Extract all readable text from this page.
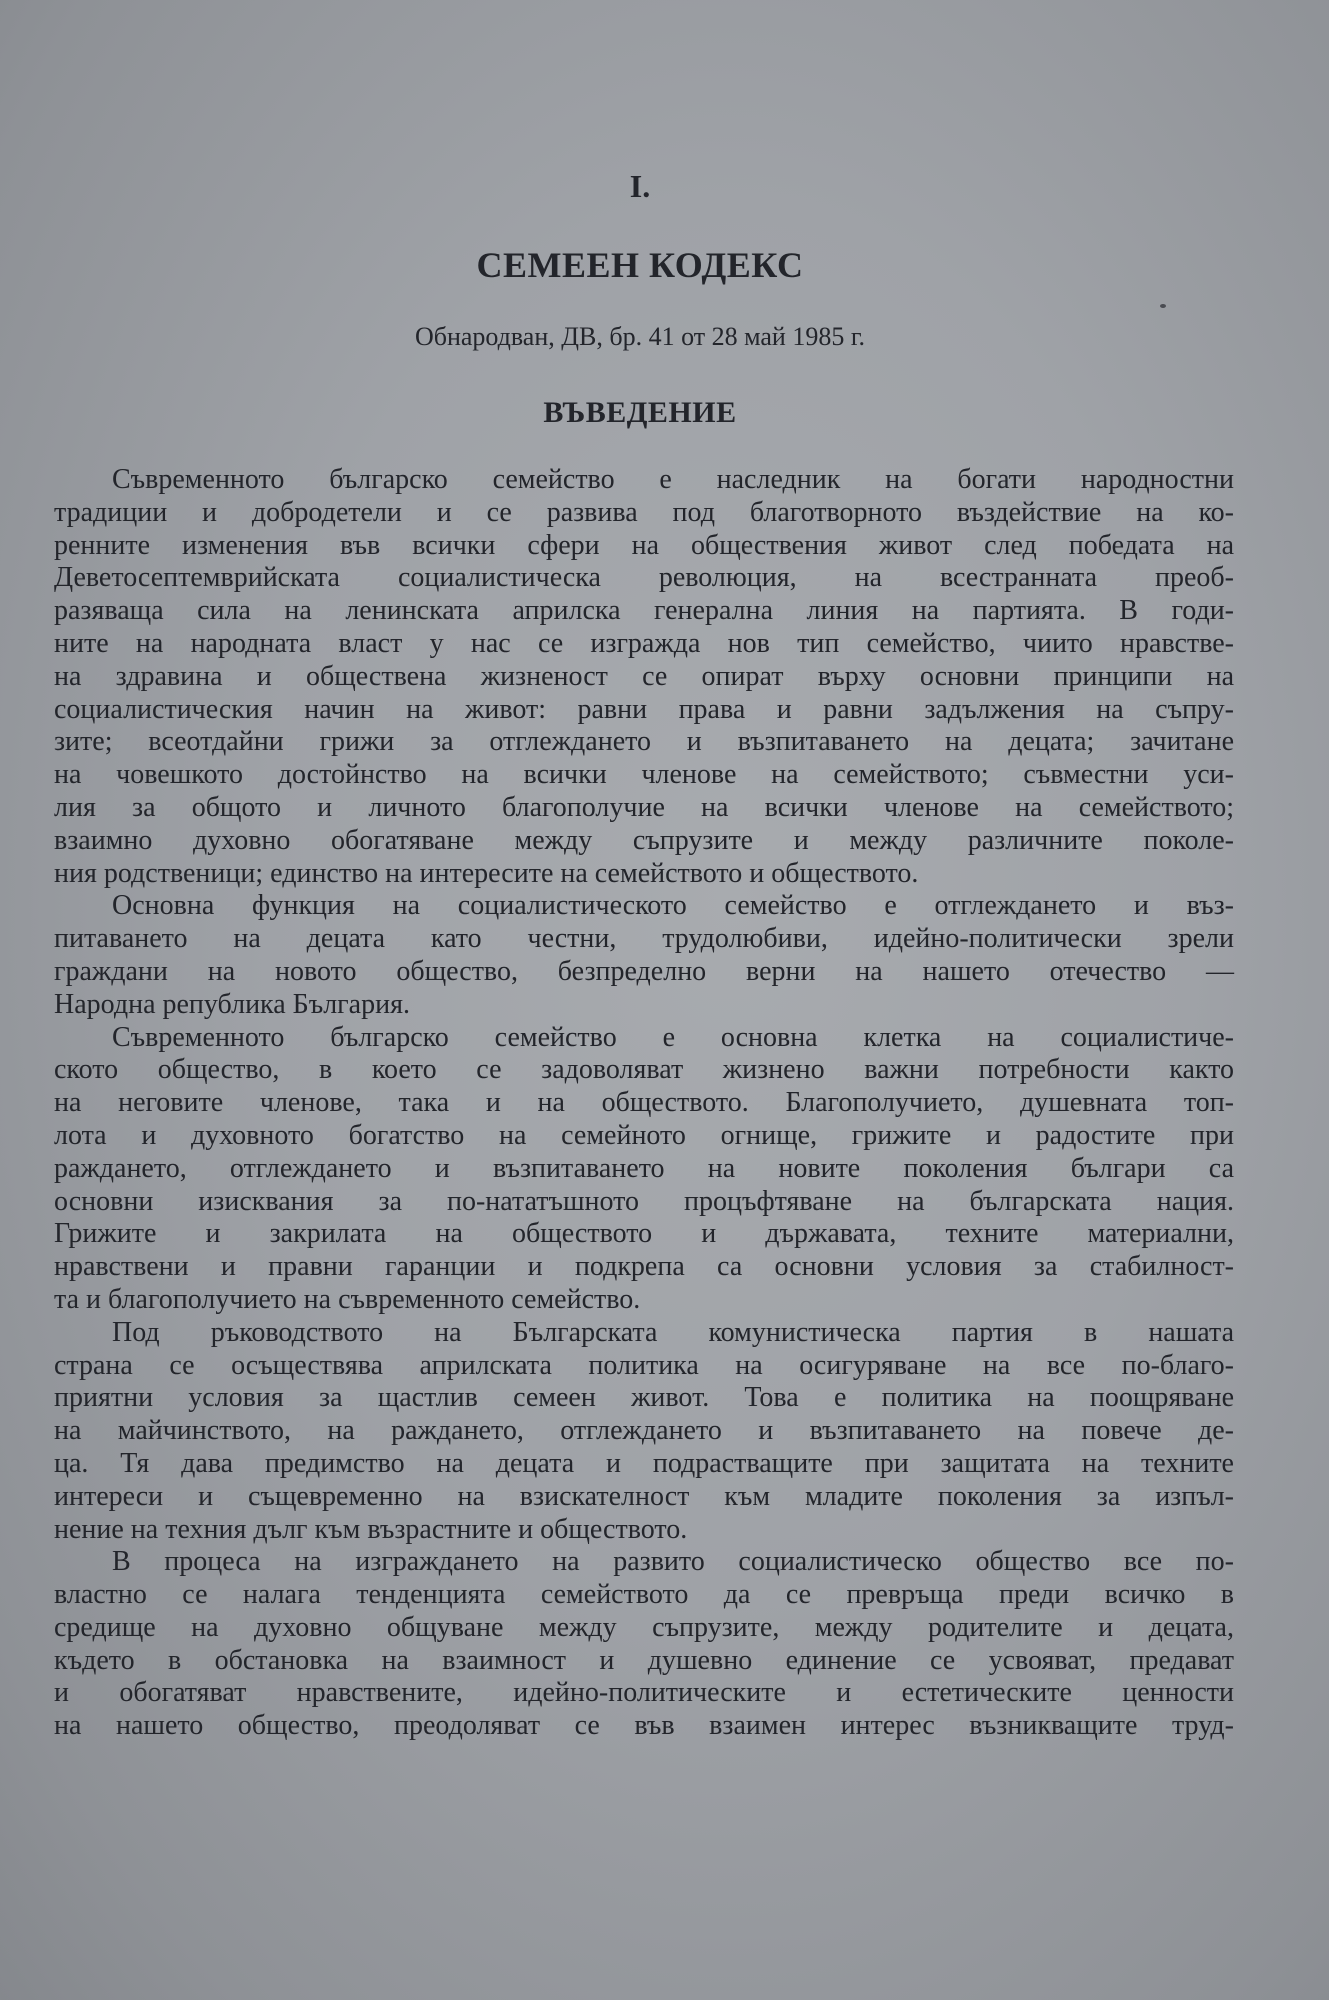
I.
СЕМЕЕН КОДЕКС
Обнародван, ДВ, бр. 41 от 28 май 1985 г.
ВЪВЕДЕНИЕ
Съвременното българско семейство е наследник на богати народностни
традиции и добродетели и се развива под благотворното въздействие на ко-
ренните изменения във всички сфери на обществения живот след победата на
Деветосептемврийската социалистическа революция, на всестранната преоб-
разяваща сила на ленинската априлска генерална линия на партията. В годи-
ните на народната власт у нас се изгражда нов тип семейство, чиито нравстве-
на здравина и обществена жизненост се опират върху основни принципи на
социалистическия начин на живот: равни права и равни задължения на съпру-
зите; всеотдайни грижи за отглеждането и възпитаването на децата; зачитане
на човешкото достойнство на всички членове на семейството; съвместни уси-
лия за общото и личното благополучие на всички членове на семейството;
взаимно духовно обогатяване между съпрузите и между различните поколе-
ния родственици; единство на интересите на семейството и обществото.
Основна функция на социалистическото семейство е отглеждането и въз-
питаването на децата като честни, трудолюбиви, идейно-политически зрели
граждани на новото общество, безпределно верни на нашето отечество —
Народна република България.
Съвременното българско семейство е основна клетка на социалистиче-
ското общество, в което се задоволяват жизнено важни потребности както
на неговите членове, така и на обществото. Благополучието, душевната топ-
лота и духовното богатство на семейното огнище, грижите и радостите при
раждането, отглеждането и възпитаването на новите поколения българи са
основни изисквания за по-нататъшното процъфтяване на българската нация.
Грижите и закрилата на обществото и държавата, техните материални,
нравствени и правни гаранции и подкрепа са основни условия за стабилност-
та и благополучието на съвременното семейство.
Под ръководството на Българската комунистическа партия в нашата
страна се осъществява априлската политика на осигуряване на все по-благо-
приятни условия за щастлив семеен живот. Това е политика на поощряване
на майчинството, на раждането, отглеждането и възпитаването на повече де-
ца. Тя дава предимство на децата и подрастващите при защитата на техните
интереси и същевременно на взискателност към младите поколения за изпъл-
нение на техния дълг към възрастните и обществото.
В процеса на изграждането на развито социалистическо общество все по-
властно се налага тенденцията семейството да се превръща преди всичко в
средище на духовно общуване между съпрузите, между родителите и децата,
където в обстановка на взаимност и душевно единение се усвояват, предават
и обогатяват нравствените, идейно-политическите и естетическите ценности
на нашето общество, преодоляват се във взаимен интерес възникващите труд-
